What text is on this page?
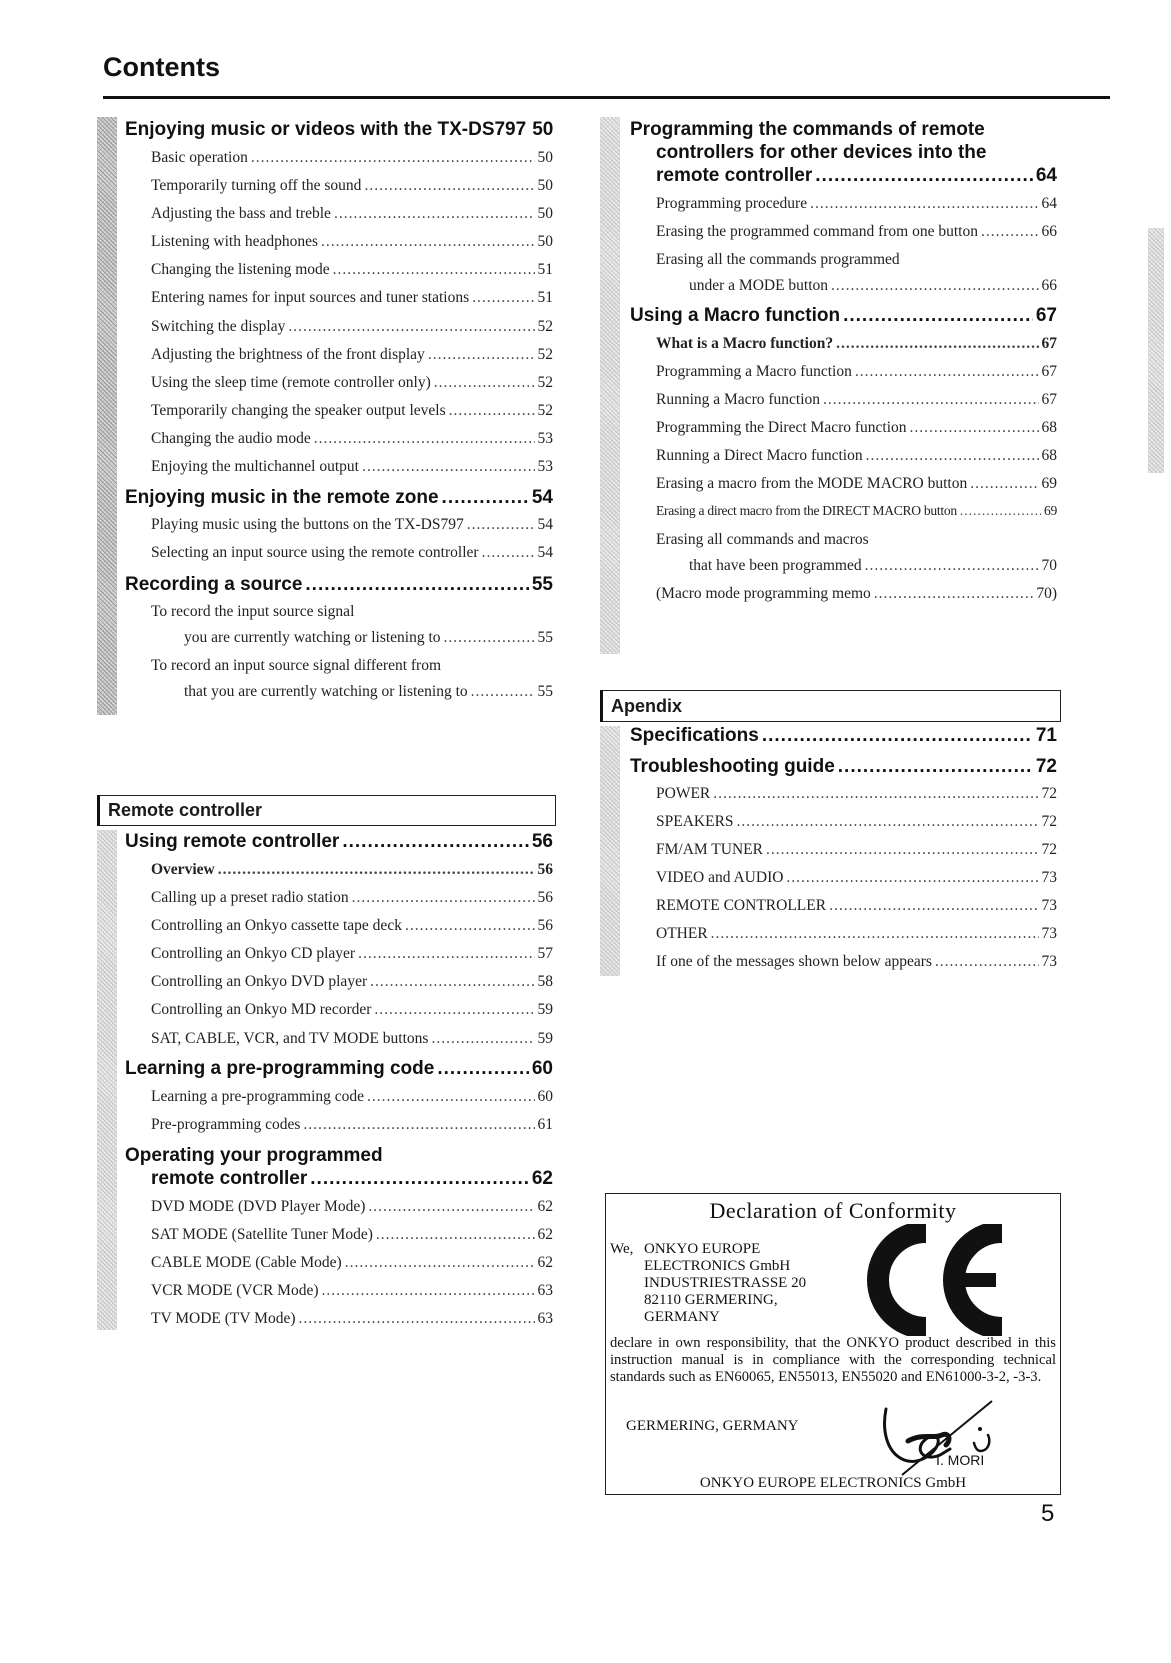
Contents
Enjoying music or videos with the TX-DS797 50
Basic operation .....	50
Temporarily turning off the sound .....	50
Adjusting the bass and treble .....	50
Listening with headphones .....	50
Changing the listening mode .....	51
Entering names for input sources and tuner stations .....	51
Switching the display .....	52
Adjusting the brightness of the front display .....	52
Using the sleep time (remote controller only) .....	52
Temporarily changing the speaker output levels .....	52
Changing the audio mode .....	53
Enjoying the multichannel output .....	53
Enjoying music in the remote zone .....	54
Playing music using the buttons on the TX-DS797 .....	54
Selecting an input source using the remote controller .....	54
Recording a source .....	55
To record the input source signal
you are currently watching or listening to .....	55
To record an input source signal different from
that you are currently watching or listening to .....	55
Remote controller
Using remote controller .....	56
Overview .....	56
Calling up a preset radio station .....	56
Controlling an Onkyo cassette tape deck .....	56
Controlling an Onkyo CD player .....	57
Controlling an Onkyo DVD player .....	58
Controlling an Onkyo MD recorder .....	59
SAT, CABLE, VCR, and TV MODE buttons .....	59
Learning a pre-programming code .....	60
Learning a pre-programming code .....	60
Pre-programming codes .....	61
Operating your programmed
remote controller .....	62
DVD MODE (DVD Player Mode) .....	62
SAT MODE (Satellite Tuner Mode) .....	62
CABLE MODE (Cable Mode) .....	62
VCR MODE (VCR Mode) .....	63
TV MODE (TV Mode) .....	63
Programming the commands of remote
controllers for other devices into the
remote controller .....	64
Programming procedure .....	64
Erasing the programmed command from one button .....	66
Erasing all the commands programmed
under a MODE button .....	66
Using a Macro function .....	67
What is a Macro function? .....	67
Programming a Macro function .....	67
Running a Macro function .....	67
Programming the Direct Macro function .....	68
Running a Direct Macro function .....	68
Erasing a macro from the MODE MACRO button .....	69
Erasing a direct macro from the DIRECT MACRO button .....	69
Erasing all commands and macros
that have been programmed .....	70
(Macro mode programming memo .....	70)
Apendix
Specifications .....	71
Troubleshooting guide .....	72
POWER .....	72
SPEAKERS .....	72
FM/AM TUNER .....	72
VIDEO and AUDIO .....	73
REMOTE CONTROLLER .....	73
OTHER .....	73
If one of the messages shown below appears .....	73
Declaration of Conformity
We, ONKYO EUROPE
ELECTRONICS GmbH
INDUSTRIESTRASSE 20
82110 GERMERING,
GERMANY
declare in own responsibility, that the ONKYO product described in this instruction manual is in compliance with the corresponding technical standards such as EN60065, EN55013, EN55020 and EN61000-3-2, -3-3.
GERMERING, GERMANY
I. MORI
ONKYO EUROPE ELECTRONICS GmbH
5
